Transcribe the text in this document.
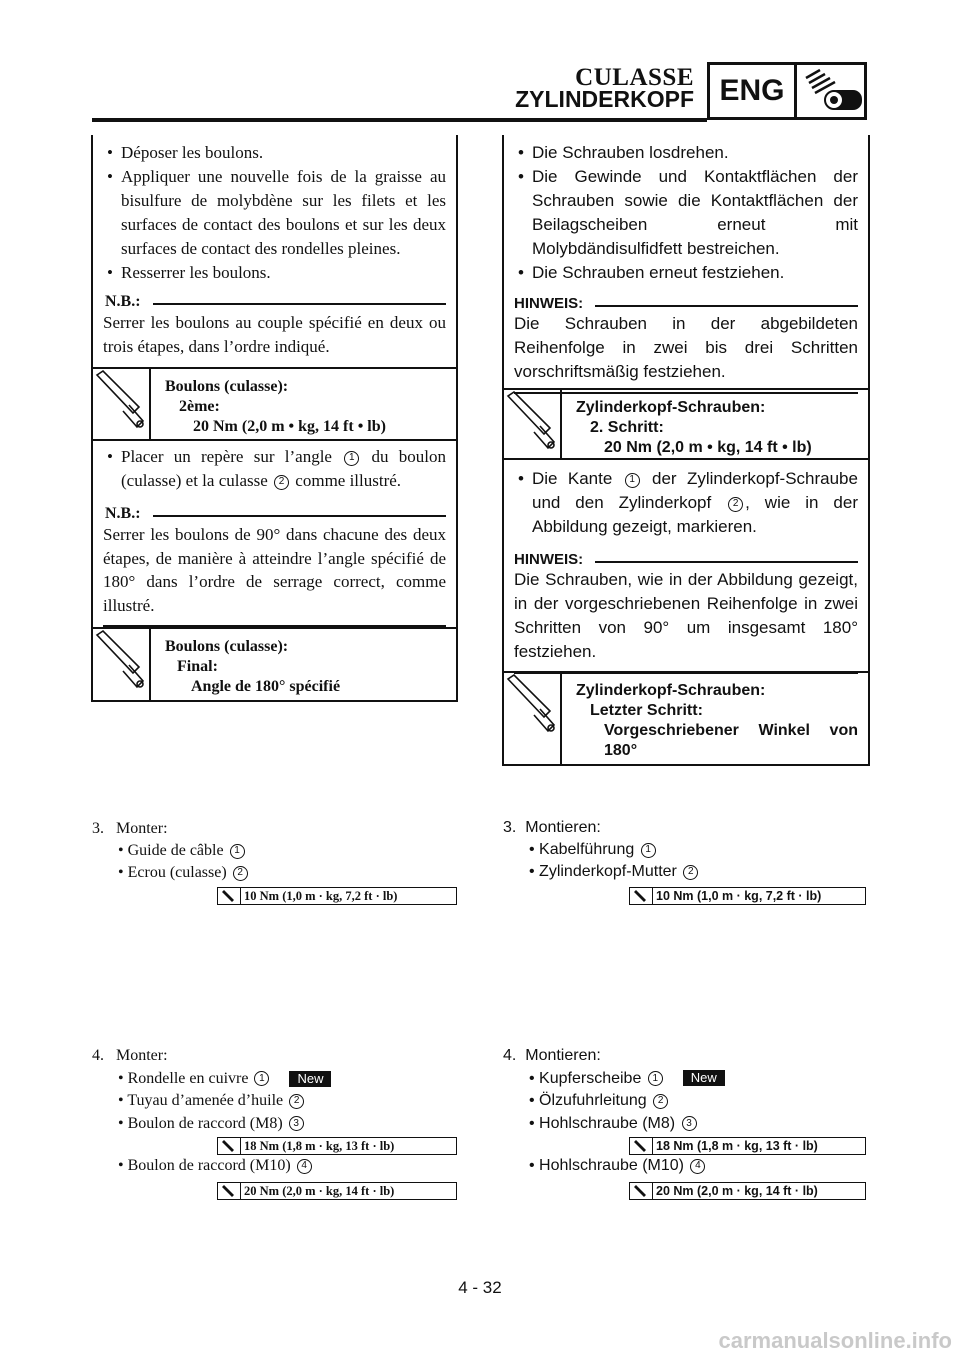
CULASSE
ZYLINDERKOPF ENG
• Déposer les boulons.
• Appliquer une nouvelle fois de la graisse au bisulfure de molybdène sur les filets et les surfaces de contact des boulons et sur les deux surfaces de contact des rondelles pleines.
• Resserrer les boulons.
N.B.:
Serrer les boulons au couple spécifié en deux ou trois étapes, dans l’ordre indiqué.
Boulons (culasse):
2ème:
20 Nm (2,0 m • kg, 14 ft • lb)
• Placer un repère sur l’angle 1 du boulon (culasse) et la culasse 2 comme illustré.
N.B.:
Serrer les boulons de 90° dans chacune des deux étapes, de manière à atteindre l’angle spécifié de 180° dans l’ordre de serrage correct, comme illustré.
Boulons (culasse):
Final:
Angle de 180° spécifié
• Die Schrauben losdrehen.
• Die Gewinde und Kontaktflächen der Schrauben sowie die Kontaktflächen der Beilagscheiben erneut mit Molybdändisulfidfett bestreichen.
• Die Schrauben erneut festziehen.
HINWEIS:
Die Schrauben in der abgebildeten Reihenfolge in zwei bis drei Schritten vorschriftsmäßig festziehen.
Zylinderkopf-Schrauben:
2. Schritt:
20 Nm (2,0 m • kg, 14 ft • lb)
• Die Kante 1 der Zylinderkopf-Schraube und den Zylinderkopf 2 , wie in der Abbildung gezeigt, markieren.
HINWEIS:
Die Schrauben, wie in der Abbildung gezeigt, in der vorgeschriebenen Reihenfolge in zwei Schritten von 90° um insgesamt 180° festziehen.
Zylinderkopf-Schrauben:
Letzter Schritt:
Vorgeschriebener Winkel von 180°
3. Monter:
• Guide de câble 1
• Ecrou (culasse) 2
10 Nm (1,0 m · kg, 7,2 ft · lb)
3. Montieren:
• Kabelführung 1
• Zylinderkopf-Mutter 2
10 Nm (1,0 m · kg, 7,2 ft · lb)
4. Monter:
• Rondelle en cuivre 1	New
• Tuyau d’amenée d’huile 2
• Boulon de raccord (M8) 3
• Boulon de raccord (M10) 4
18 Nm (1,8 m · kg, 13 ft · lb)
20 Nm (2,0 m · kg, 14 ft · lb)
4. Montieren:
• Kupferscheibe 1	New
• Ölzufuhrleitung 2
• Hohlschraube (M8) 3
• Hohlschraube (M10) 4
18 Nm (1,8 m · kg, 13 ft · lb)
20 Nm (2,0 m · kg, 14 ft · lb)
4 - 32
carmanualsonline.info
